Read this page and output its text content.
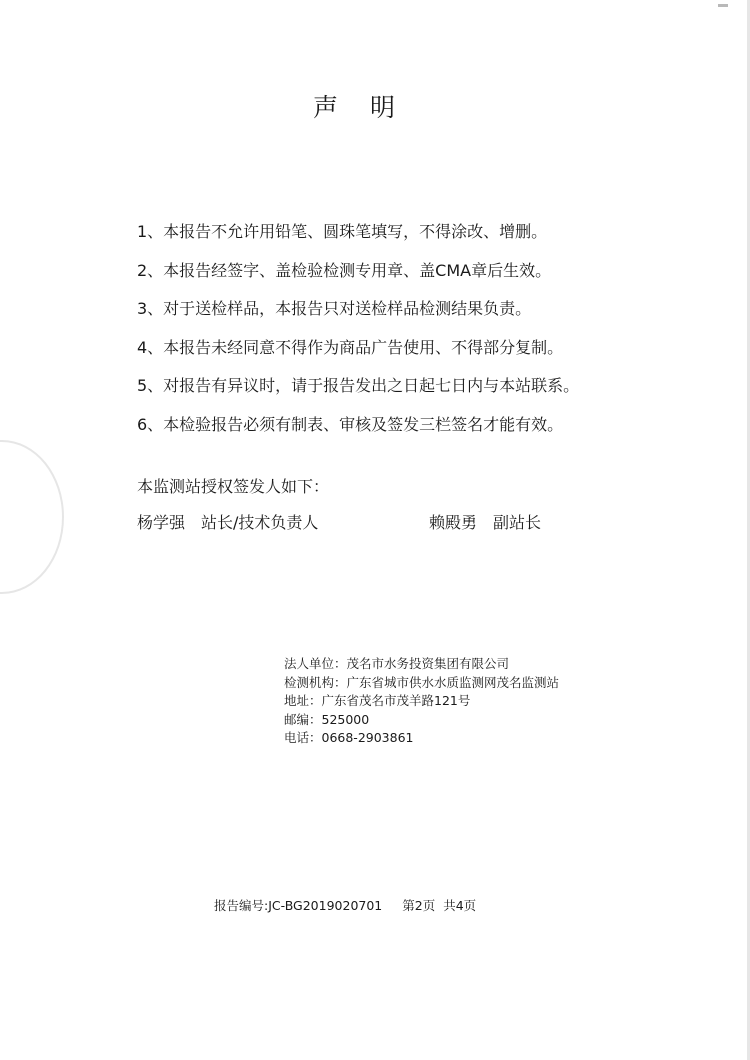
声 明
1、本报告不允许用铅笔、圆珠笔填写，不得涂改、增删。
2、本报告经签字、盖检验检测专用章、盖CMA章后生效。
3、对于送检样品，本报告只对送检样品检测结果负责。
4、本报告未经同意不得作为商品广告使用、不得部分复制。
5、对报告有异议时，请于报告发出之日起七日内与本站联系。
6、本检验报告必须有制表、审核及签发三栏签名才能有效。
本监测站授权签发人如下：
杨学强 站长/技术负责人	赖殿勇 副站长
法人单位：茂名市水务投资集团有限公司
检测机构：广东省城市供水水质监测网茂名监测站
地址：广东省茂名市茂羊路121号
邮编：525000
电话：0668-2903861
报告编号:JC-BG2019020701 第2页 共4页
